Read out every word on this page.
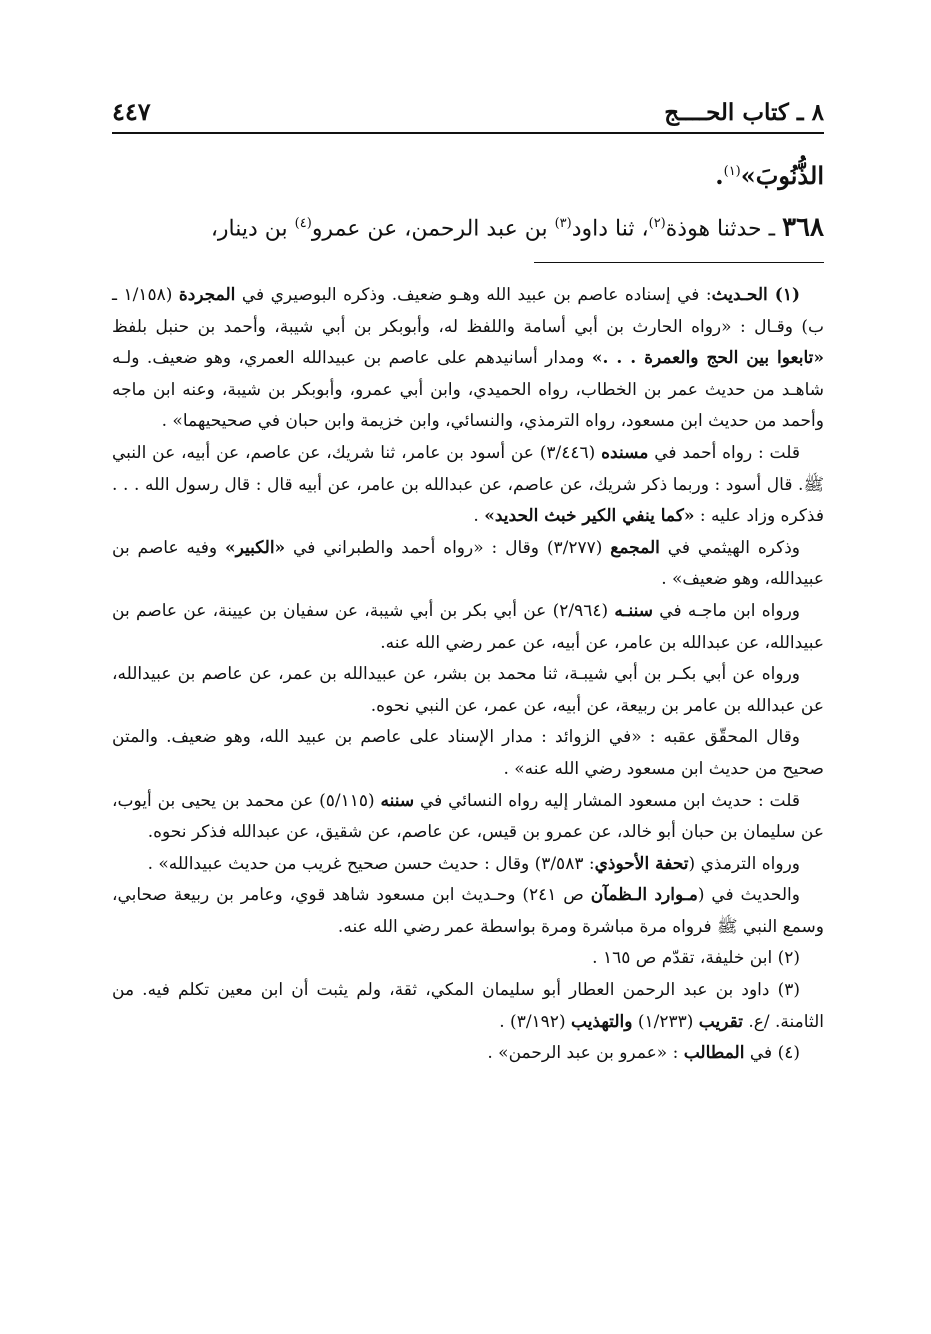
٨ ـ كتاب الحــــج
٤٤٧
الذُّنُوبَ»$^{(١)}$.
٣٦٨ ـ حدثنا هوذة$^{(٢)}$، ثنا داود$^{(٣)}$ بن عبد الرحمن، عن عمرو$^{(٤)}$ بن دينار،

(١) الحـديث: في إسناده عاصم بن عبيد الله وهـو ضعيف. وذكره البوصيري في المجردة (١/١٥٨ ـ ب) وقـال : «رواه الحارث بن أبي أسامة واللفظ له، وأبوبكر بن أبي شيبة، وأحمد بن حنبل بلفظ «تابعوا بين الحج والعمرة . . .» ومدار أسانيدهم على عاصم بن عبيدالله العمري، وهو ضعيف. ولـه شاهـد من حديث عمر بن الخطاب، رواه الحميدي، وابن أبي عمرو، وأبوبكر بن شيبة، وعنه ابن ماجه وأحمد من حديث ابن مسعود، رواه الترمذي، والنسائي، وابن خزيمة وابن حبان في صحيحيهما» .

قلت : رواه أحمد في مسنده (٣/٤٤٦) عن أسود بن عامر، ثنا شريك، عن عاصم، عن أبيه، عن النبي ﷺ. قال أسود : وربما ذكر شريك، عن عاصم، عن عبدالله بن عامر، عن أبيه قال : قال رسول الله . . . فذكره وزاد عليه : «كما ينفي الكير خبث الحديد» .

وذكره الهيثمي في المجمع (٣/٢٧٧) وقال : «رواه أحمد والطبراني في «الكبير» وفيه عاصم بن عبيدالله، وهو ضعيف» .

ورواه ابن ماجـه في سننـه (٢/٩٦٤) عن أبي بكر بن أبي شيبة، عن سفيان بن عيينة، عن عاصم بن عبيدالله، عن عبدالله بن عامر، عن أبيه، عن عمر رضي الله عنه.

ورواه عن أبي بكـر بن أبي شيبـة، ثنا محمد بن بشر، عن عبيدالله بن عمر، عن عاصم بن عبيدالله، عن عبدالله بن عامر بن ربيعة، عن أبيه، عن عمر، عن النبي نحوه.

وقال المحقّق عقبه : «في الزوائد : مدار الإسناد على عاصم بن عبيد الله، وهو ضعيف. والمتن صحيح من حديث ابن مسعود رضي الله عنه» .

قلت : حديث ابن مسعود المشار إليه رواه النسائي في سننه (٥/١١٥) عن محمد بن يحيى بن أيوب، عن سليمان بن حبان أبو خالد، عن عمرو بن قيس، عن عاصم، عن شقيق، عن عبدالله فذكر نحوه.

ورواه الترمذي (تحفة الأحوذي: ٣/٥٨٣) وقال : حديث حسن صحيح غريب من حديث عبيدالله» .

والحديث في (مـوارد الـظمآن ص ٢٤١) وحـديث ابن مسعود شاهد قوي، وعامر بن ربيعة صحابي، وسمع النبي ﷺ فرواه مرة مباشرة ومرة بواسطة عمر رضي الله عنه.

(٢) ابن خليفة، تقدّم ص ١٦٥ .

(٣) داود بن عبد الرحمن العطار أبو سليمان المكي، ثقة، ولم يثبت أن ابن معين تكلم فيه. من الثامنة. /ع. تقريب (١/٢٣٣) والتهذيب (٣/١٩٢) .

(٤) في المطالب : «عمرو بن عبد الرحمن» .
